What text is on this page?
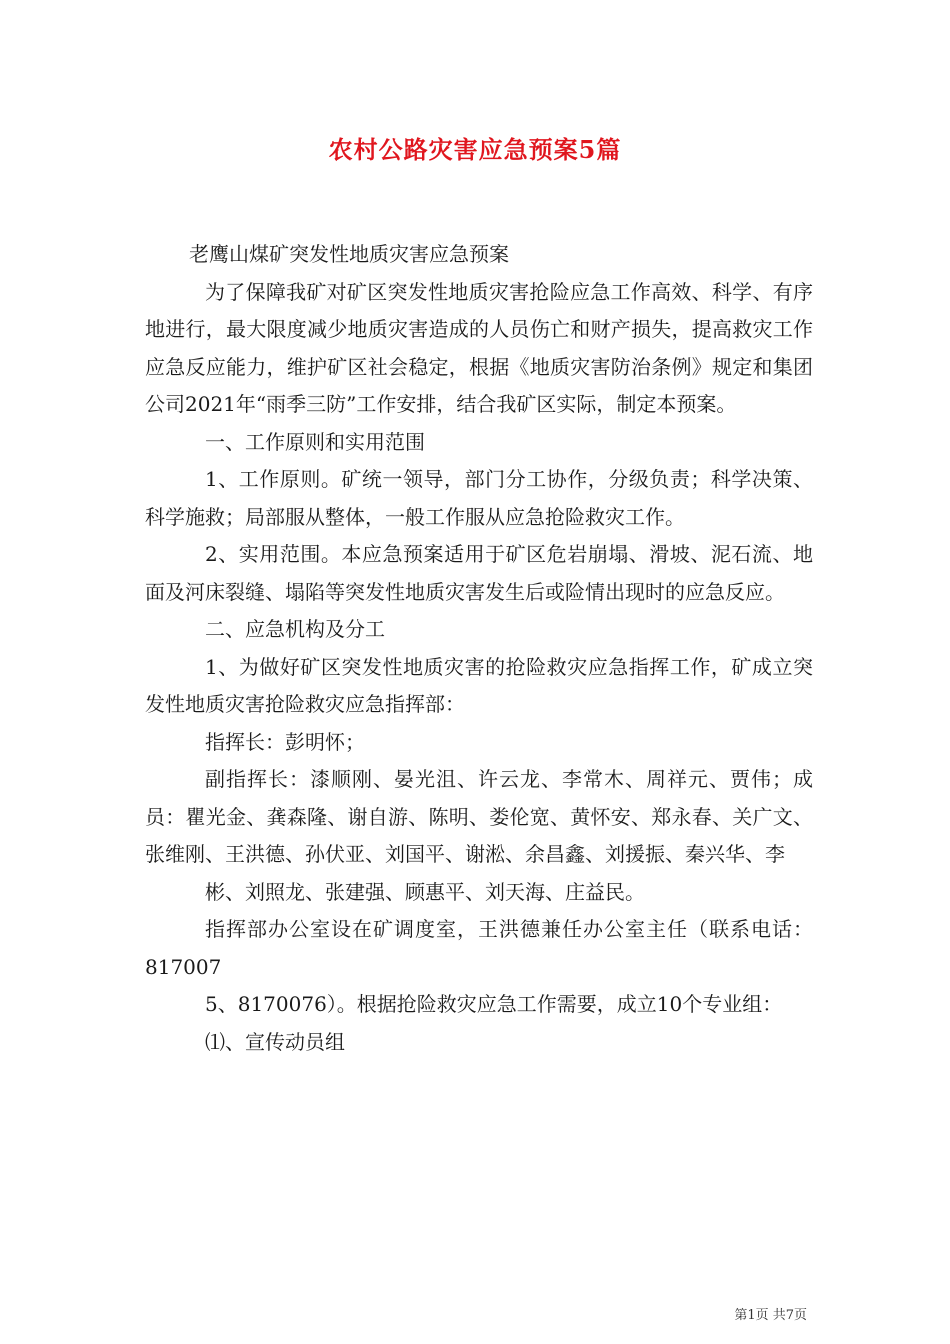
农村公路灾害应急预案5篇

老鹰山煤矿突发性地质灾害应急预案

为了保障我矿对矿区突发性地质灾害抢险应急工作高效、科学、有序地进行，最大限度减少地质灾害造成的人员伤亡和财产损失，提高救灾工作应急反应能力，维护矿区社会稳定，根据《地质灾害防治条例》规定和集团公司2021年“雨季三防”工作安排，结合我矿区实际，制定本预案。

一、工作原则和实用范围

1、工作原则。矿统一领导，部门分工协作，分级负责；科学决策、科学施救；局部服从整体，一般工作服从应急抢险救灾工作。

2、实用范围。本应急预案适用于矿区危岩崩塌、滑坡、泥石流、地面及河床裂缝、塌陷等突发性地质灾害发生后或险情出现时的应急反应。

二、应急机构及分工

1、为做好矿区突发性地质灾害的抢险救灾应急指挥工作，矿成立突发性地质灾害抢险救灾应急指挥部：

指挥长：彭明怀；

副指挥长：漆顺刚、晏光沮、许云龙、李常木、周祥元、贾伟；成员：瞿光金、龚森隆、谢自游、陈明、娄伦宽、黄怀安、郑永春、关广文、张维刚、王洪德、孙伏亚、刘国平、谢淞、余昌鑫、刘援振、秦兴华、李

彬、刘照龙、张建强、顾惠平、刘天海、庄益民。

指挥部办公室设在矿调度室，王洪德兼任办公室主任（联系电话：817007

5、8170076）。根据抢险救灾应急工作需要，成立10个专业组：

⑴、宣传动员组

第1页 共7页
